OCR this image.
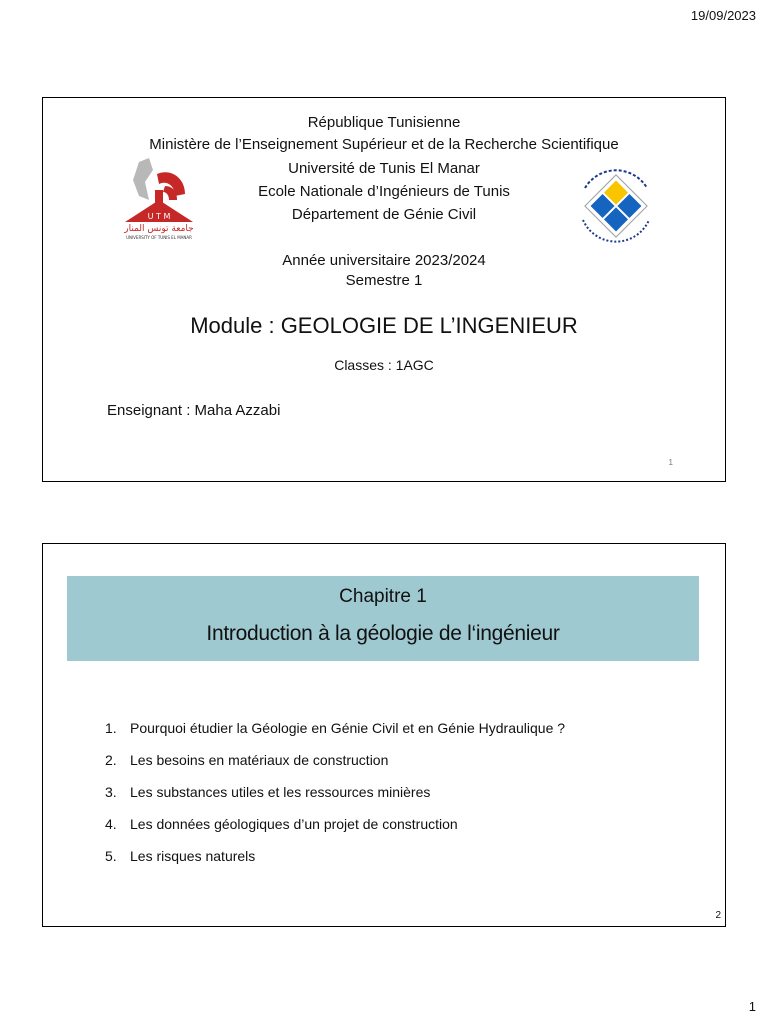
19/09/2023
République Tunisienne
Ministère de l’Enseignement Supérieur et de la Recherche Scientifique
Université de Tunis El Manar
Ecole Nationale d’Ingénieurs de Tunis
Département de Génie Civil
U T M
جامعة تونس المنار
UNIVERSITY OF TUNIS EL MANAR
Année universitaire 2023/2024
Semestre 1
Module : GEOLOGIE DE L’INGENIEUR
Classes : 1AGC
Enseignant : Maha Azzabi
1
Chapitre 1
Introduction à la géologie de l‘ingénieur
1. Pourquoi étudier la Géologie en Génie Civil et en Génie Hydraulique ?
2. Les besoins en matériaux de construction
3. Les substances utiles et les ressources minières
4. Les données géologiques d’un projet de construction
5. Les risques naturels
2
1
